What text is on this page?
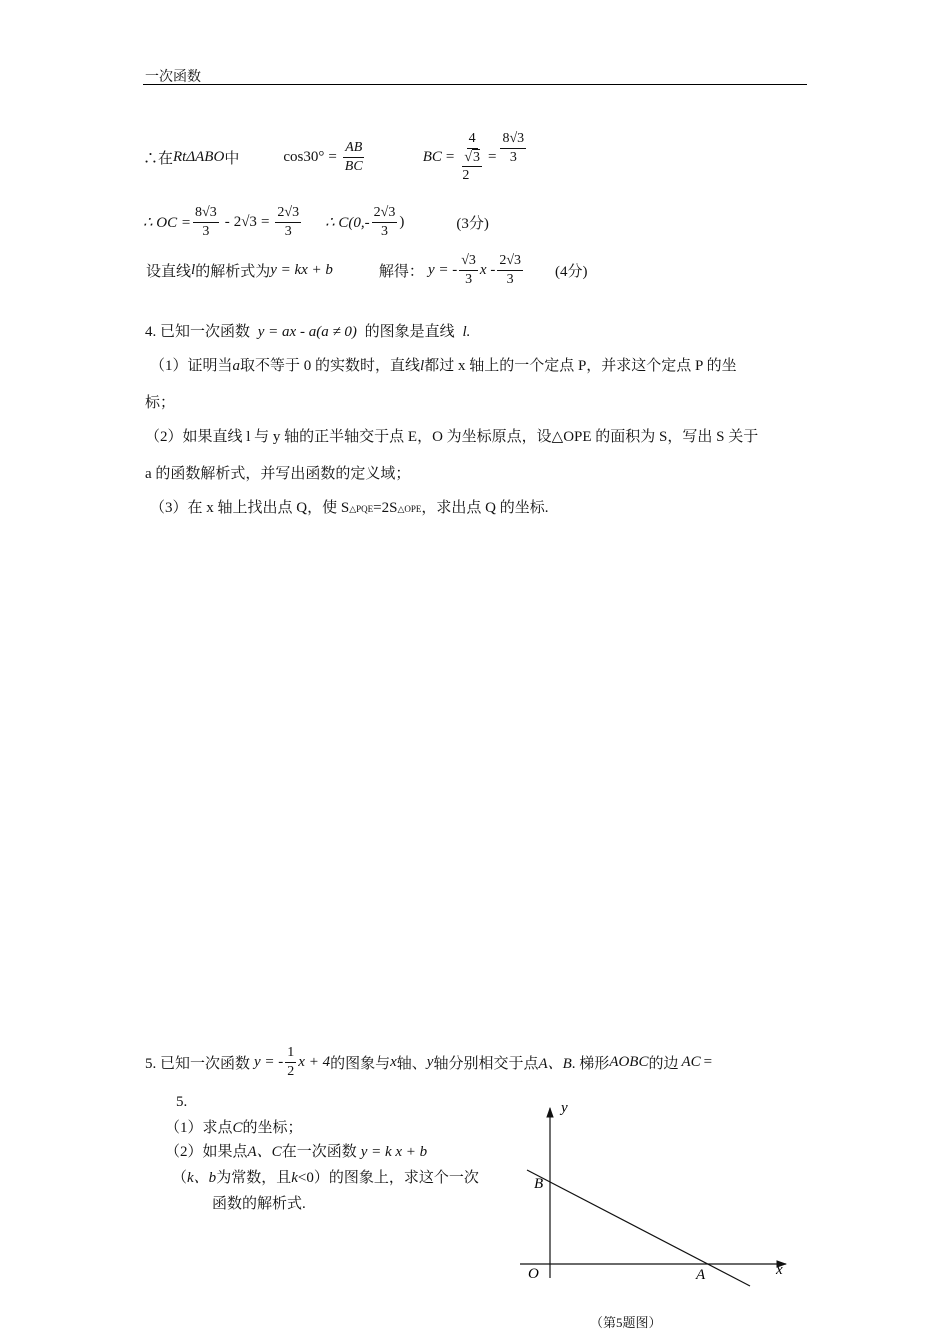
一次函数
∴在 RtΔABO 中	$\cos 30^\circ = \frac{AB}{BC}$	BC =
4
√3
2
= $\frac{8√3}{3}$
∴ OC = $\frac{8√3}{3} - 2√3 = \frac{2√3}{3}$ ∴ $C(0,- \frac{2√3}{3}$ )	(3分)
设直线 l 的解析式为 y = kx + b	解得： y = - $\frac{√3}{3}$ x - $\frac{2√3}{3} (4$分)
4. 已知一次函数 y = ax - a(a ≠ 0) 的图象是直线 l.
（1）证明当a取不等于 0 的实数时，直线l都过 x 轴上的一个定点 P，并求这个定点 P 的坐
标；
（2）如果直线 l 与 y 轴的正半轴交于点 E，O 为坐标原点，设△OPE 的面积为 S，写出 S 关于
a 的函数解析式，并写出函数的定义域；
（3）在 x 轴上找出点 Q，使 S△PQE=2S△OPE，求出点 Q 的坐标.
5. 已知一次函数 y = - $\frac{1}{2}$ x + 4 的图象与 x 轴、 y 轴分别相交于点 A、B . 梯形 AOBC 的边 AC =
5.
（1）求点C的坐标；
（2）如果点A、C在一次函数 y = k x + b
（k、b为常数，且k<0）的图象上，求这个一次
函数的解析式.
y
x
O	A
B
（第5题图）
